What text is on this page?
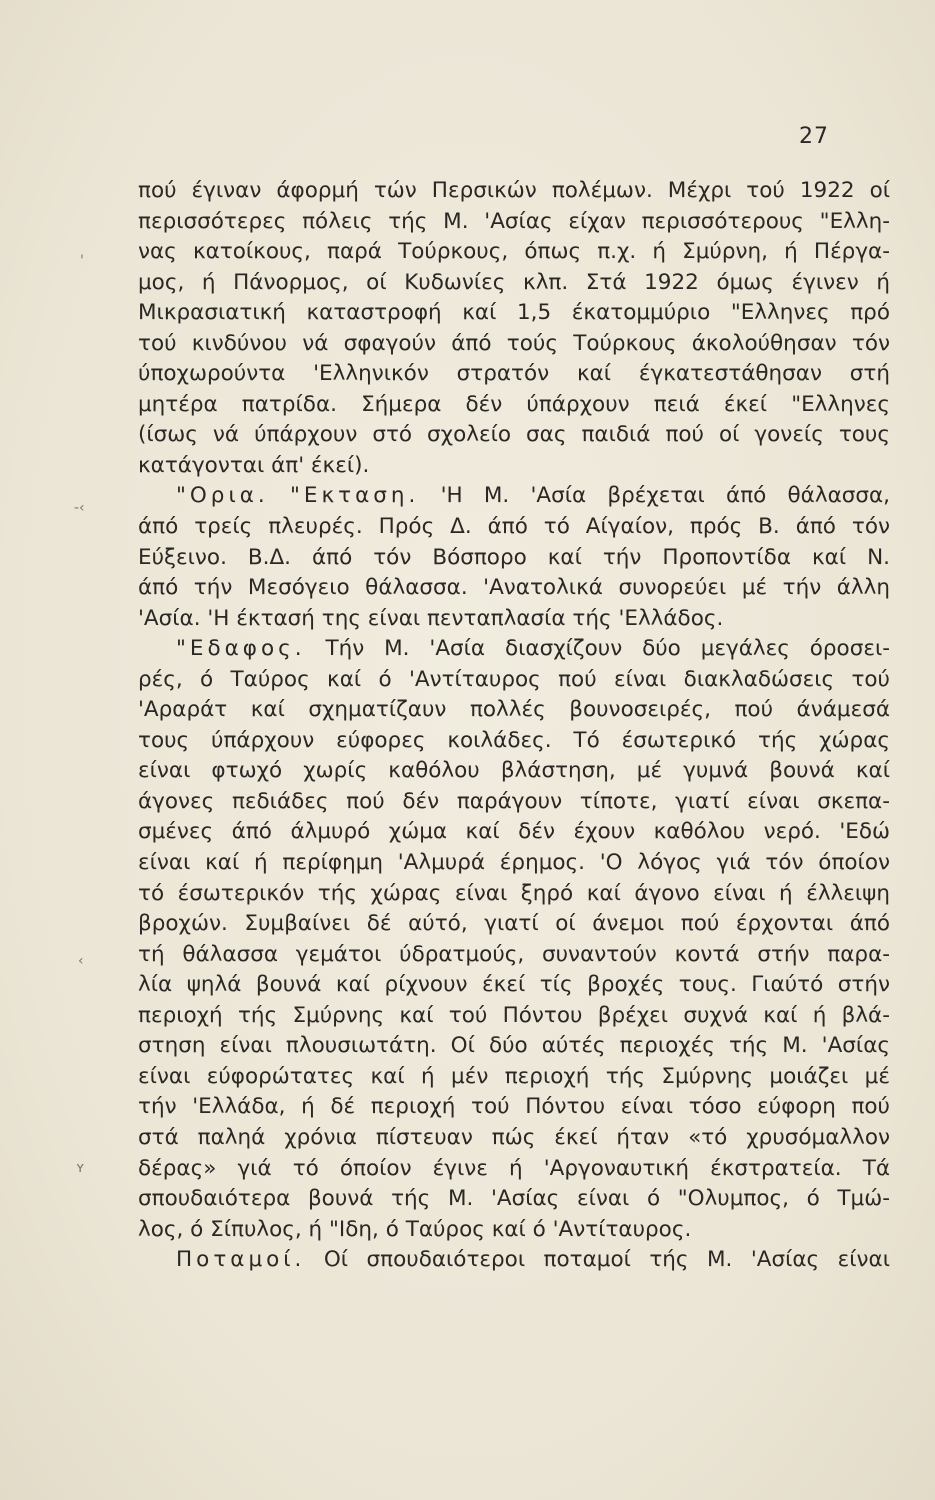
27
'
-‹
‹
ʏ
πού έγιναν άφορμή τών Περσικών πολέμων. Μέχρι τού 1922 οί
περισσότερες πόλεις τής Μ. 'Ασίας είχαν περισσότερους "Ελλη-
νας κατοίκους, παρά Τούρκους, όπως π.χ. ή Σμύρνη, ή Πέργα-
μος, ή Πάνορμος, οί Κυδωνίες κλπ. Στά 1922 όμως έγινεν ή
Μικρασιατική καταστροφή καί 1,5 έκατομμύριο "Ελληνες πρό
τού κινδύνου νά σφαγούν άπό τούς Τούρκους άκολούθησαν τόν
ύποχωρούντα 'Ελληνικόν στρατόν καί έγκατεστάθησαν στή
μητέρα πατρίδα. Σήμερα δέν ύπάρχουν πειά έκεί "Ελληνες
(ίσως νά ύπάρχουν στό σχολείο σας παιδιά πού οί γονείς τους
κατάγονται άπ' έκεί).
"Ορια. "Εκταση. 'Η Μ. 'Ασία βρέχεται άπό θάλασσα,
άπό τρείς πλευρές. Πρός Δ. άπό τό Αίγαίον, πρός Β. άπό τόν
Εύξεινο. Β.Δ. άπό τόν Βόσπορο καί τήν Προποντίδα καί Ν.
άπό τήν Μεσόγειο θάλασσα. 'Ανατολικά συνορεύει μέ τήν άλλη
'Ασία. 'Η έκτασή της είναι πενταπλασία τής 'Ελλάδος.
"Εδαφος. Τήν Μ. 'Ασία διασχίζουν δύο μεγάλες όροσει-
ρές, ό Ταύρος καί ό 'Αντίταυρος πού είναι διακλαδώσεις τού
'Αραράτ καί σχηματίζαυν πολλές βουνοσειρές, πού άνάμεσά
τους ύπάρχουν εύφορες κοιλάδες. Τό έσωτερικό τής χώρας
είναι φτωχό χωρίς καθόλου βλάστηση, μέ γυμνά βουνά καί
άγονες πεδιάδες πού δέν παράγουν τίποτε, γιατί είναι σκεπα-
σμένες άπό άλμυρό χώμα καί δέν έχουν καθόλου νερό. 'Εδώ
είναι καί ή περίφημη 'Αλμυρά έρημος. 'Ο λόγος γιά τόν όποίον
τό έσωτερικόν τής χώρας είναι ξηρό καί άγονο είναι ή έλλειψη
βροχών. Συμβαίνει δέ αύτό, γιατί οί άνεμοι πού έρχονται άπό
τή θάλασσα γεμάτοι ύδρατμούς, συναντούν κοντά στήν παρα-
λία ψηλά βουνά καί ρίχνουν έκεί τίς βροχές τους. Γιαύτό στήν
περιοχή τής Σμύρνης καί τού Πόντου βρέχει συχνά καί ή βλά-
στηση είναι πλουσιωτάτη. Οί δύο αύτές περιοχές τής Μ. 'Ασίας
είναι εύφορώτατες καί ή μέν περιοχή τής Σμύρνης μοιάζει μέ
τήν 'Ελλάδα, ή δέ περιοχή τού Πόντου είναι τόσο εύφορη πού
στά παληά χρόνια πίστευαν πώς έκεί ήταν «τό χρυσόμαλλον
δέρας» γιά τό όποίον έγινε ή 'Αργοναυτική έκστρατεία. Τά
σπουδαιότερα βουνά τής Μ. 'Ασίας είναι ό "Ολυμπος, ό Τμώ-
λος, ό Σίπυλος, ή "Ιδη, ό Ταύρος καί ό 'Αντίταυρος.
Ποταμοί. Οί σπουδαιότεροι ποταμοί τής Μ. 'Ασίας είναι
